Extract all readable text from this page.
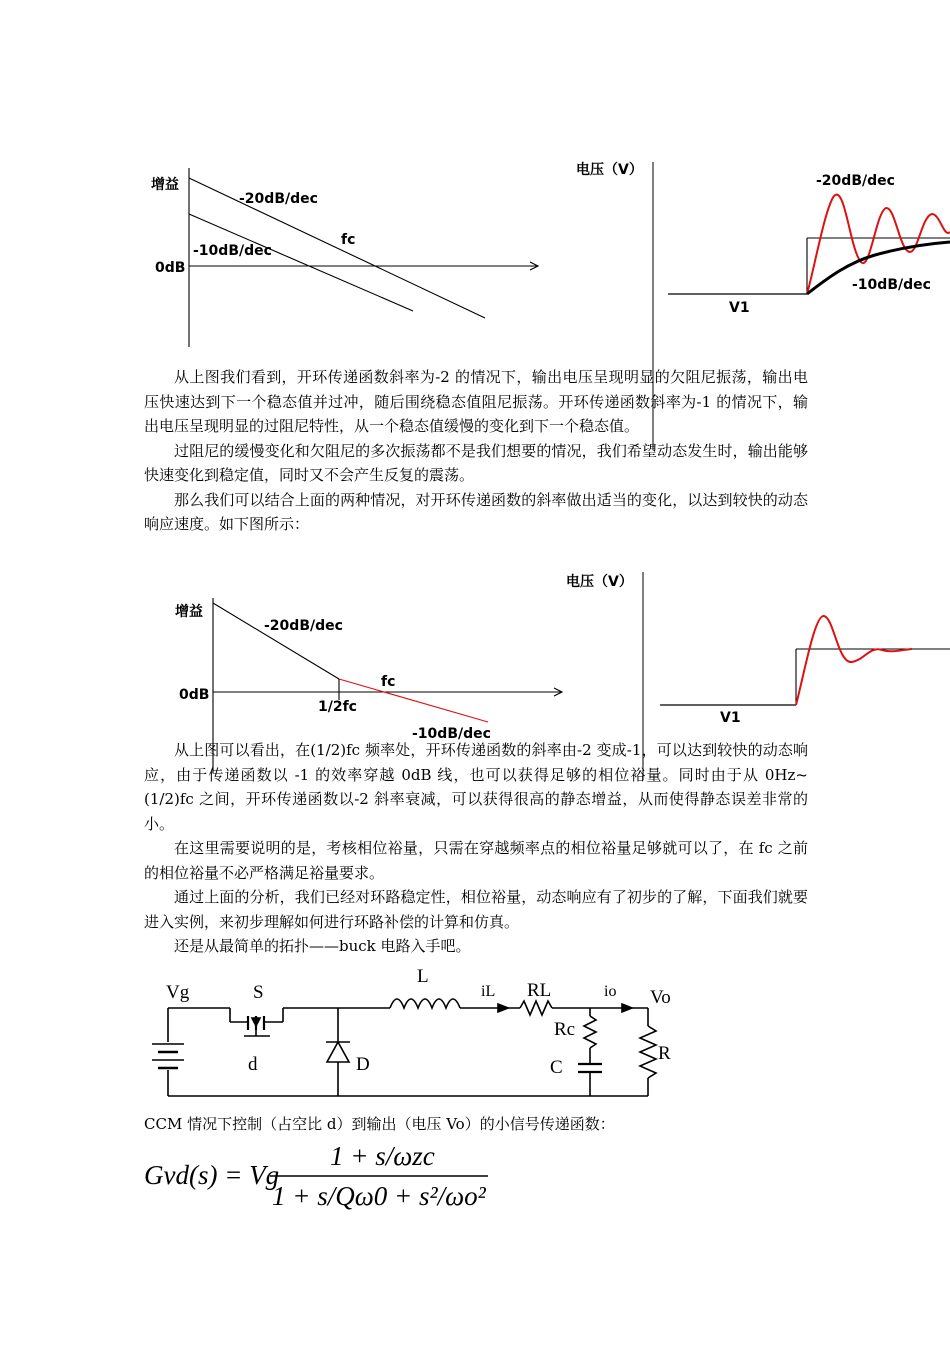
增益
-20dB/dec
fc
-10dB/dec
0dB
电压（V）
-20dB/dec
-10dB/dec
V1

从上图我们看到，开环传递函数斜率为-2 的情况下，输出电压呈现明显的欠阻尼振荡，输出电压快速达到下一个稳态值并过冲，随后围绕稳态值阻尼振荡。开环传递函数斜率为-1 的情况下，输出电压呈现明显的过阻尼特性，从一个稳态值缓慢的变化到下一个稳态值。

过阻尼的缓慢变化和欠阻尼的多次振荡都不是我们想要的情况，我们希望动态发生时，输出能够快速变化到稳定值，同时又不会产生反复的震荡。

那么我们可以结合上面的两种情况，对开环传递函数的斜率做出适当的变化，以达到较快的动态响应速度。如下图所示：

增益
-20dB/dec
fc
0dB
1/2fc
-10dB/dec
电压（V）
V1

从上图可以看出，在(1/2)fc 频率处，开环传递函数的斜率由-2 变成-1，可以达到较快的动态响应，由于传递函数以 -1 的效率穿越 0dB 线，也可以获得足够的相位裕量。同时由于从 0Hz~(1/2)fc 之间，开环传递函数以-2 斜率衰减，可以获得很高的静态增益，从而使得静态误差非常的小。

在这里需要说明的是，考核相位裕量，只需在穿越频率点的相位裕量足够就可以了，在 fc 之前的相位裕量不必严格满足裕量要求。

通过上面的分析，我们已经对环路稳定性，相位裕量，动态响应有了初步的了解，下面我们就要进入实例，来初步理解如何进行环路补偿的计算和仿真。

还是从最简单的拓扑——buck 电路入手吧。

Vg	S
d	D
L
iL RL	io Vo
Rc
C
R

CCM 情况下控制（占空比 d）到输出（电压 Vo）的小信号传递函数：

Gvd(s) = Vg
1 + s/ωzc
1 + s/Qω0 + s²/ωo²
